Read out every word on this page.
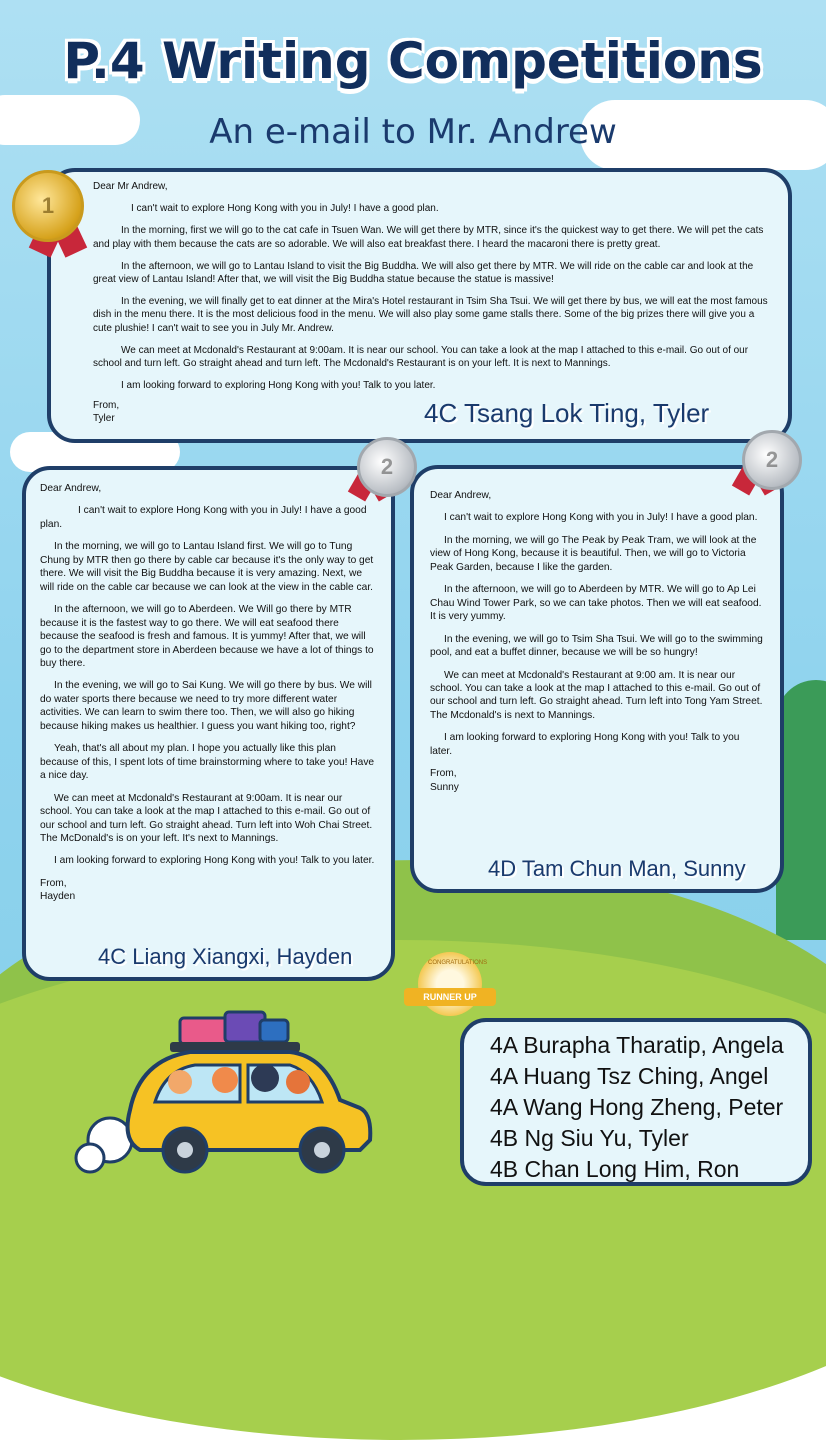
P.4 Writing Competitions
An e-mail to Mr. Andrew

Dear Mr Andrew,

I can't wait to explore Hong Kong with you in July! I have a good plan.

In the morning, first we will go to the cat cafe in Tsuen Wan. We will get there by MTR, since it's the quickest way to get there. We will pet the cats and play with them because the cats are so adorable. We will also eat breakfast there. I heard the macaroni there is pretty great.

In the afternoon, we will go to Lantau Island to visit the Big Buddha. We will also get there by MTR. We will ride on the cable car and look at the great view of Lantau Island! After that, we will visit the Big Buddha statue because the statue is massive!

In the evening, we will finally get to eat dinner at the Mira's Hotel restaurant in Tsim Sha Tsui. We will get there by bus, we will eat the most famous dish in the menu there. It is the most delicious food in the menu. We will also play some game stalls there. Some of the big prizes there will give you a cute plushie! I can't wait to see you in July Mr. Andrew.

We can meet at Mcdonald's Restaurant at 9:00am. It is near our school. You can take a look at the map I attached to this e-mail. Go out of our school and turn left. Go straight ahead and turn left. The Mcdonald's Restaurant is on your left. It is next to Mannings.

I am looking forward to exploring Hong Kong with you! Talk to you later.

From,
Tyler	4C Tsang Lok Ting, Tyler

Dear Andrew,

I can't wait to explore Hong Kong with you in July! I have a good plan.

In the morning, we will go to Lantau Island first. We will go to Tung Chung by MTR then go there by cable car because it's the only way to get there. We will visit the Big Buddha because it is very amazing. Next, we will ride on the cable car because we can look at the view in the cable car.

In the afternoon, we will go to Aberdeen. We Will go there by MTR because it is the fastest way to go there. We will eat seafood there because the seafood is fresh and famous. It is yummy! After that, we will go to the department store in Aberdeen because we have a lot of things to buy there.

In the evening, we will go to Sai Kung. We will go there by bus. We will do water sports there because we need to try more different water activities. We can learn to swim there too. Then, we will also go hiking because hiking makes us healthier. I guess you want hiking too, right?

Yeah, that's all about my plan. I hope you actually like this plan because of this, I spent lots of time brainstorming where to take you! Have a nice day.

We can meet at Mcdonald's Restaurant at 9:00am. It is near our school. You can take a look at the map I attached to this e-mail. Go out of our school and turn left. Go straight ahead. Turn left into Woh Chai Street. The McDonald's is on your left. It's next to Mannings.

I am looking forward to exploring Hong Kong with you! Talk to you later.

From,
Hayden
4C Liang Xiangxi, Hayden

Dear Andrew,

I can't wait to explore Hong Kong with you in July! I have a good plan.

In the morning, we will go The Peak by Peak Tram, we will look at the view of Hong Kong, because it is beautiful. Then, we will go to Victoria Peak Garden, because I like the garden.

In the afternoon, we will go to Aberdeen by MTR. We will go to Ap Lei Chau Wind Tower Park, so we can take photos. Then we will eat seafood. It is very yummy.

In the evening, we will go to Tsim Sha Tsui. We will go to the swimming pool, and eat a buffet dinner, because we will be so hungry!

We can meet at Mcdonald's Restaurant at 9:00 am. It is near our school. You can take a look at the map I attached to this e-mail. Go out of our school and turn left. Go straight ahead. Turn left into Tong Yam Street. The Mcdonald's is next to Mannings.

I am looking forward to exploring Hong Kong with you! Talk to you later.

From,
Sunny
4D Tam Chun Man, Sunny
1
2	2
CONGRATULATIONS
RUNNER UP
4A Burapha Tharatip, Angela
4A Huang Tsz Ching, Angel
4A Wang Hong Zheng, Peter
4B Ng Siu Yu, Tyler
4B Chan Long Him, Ron
